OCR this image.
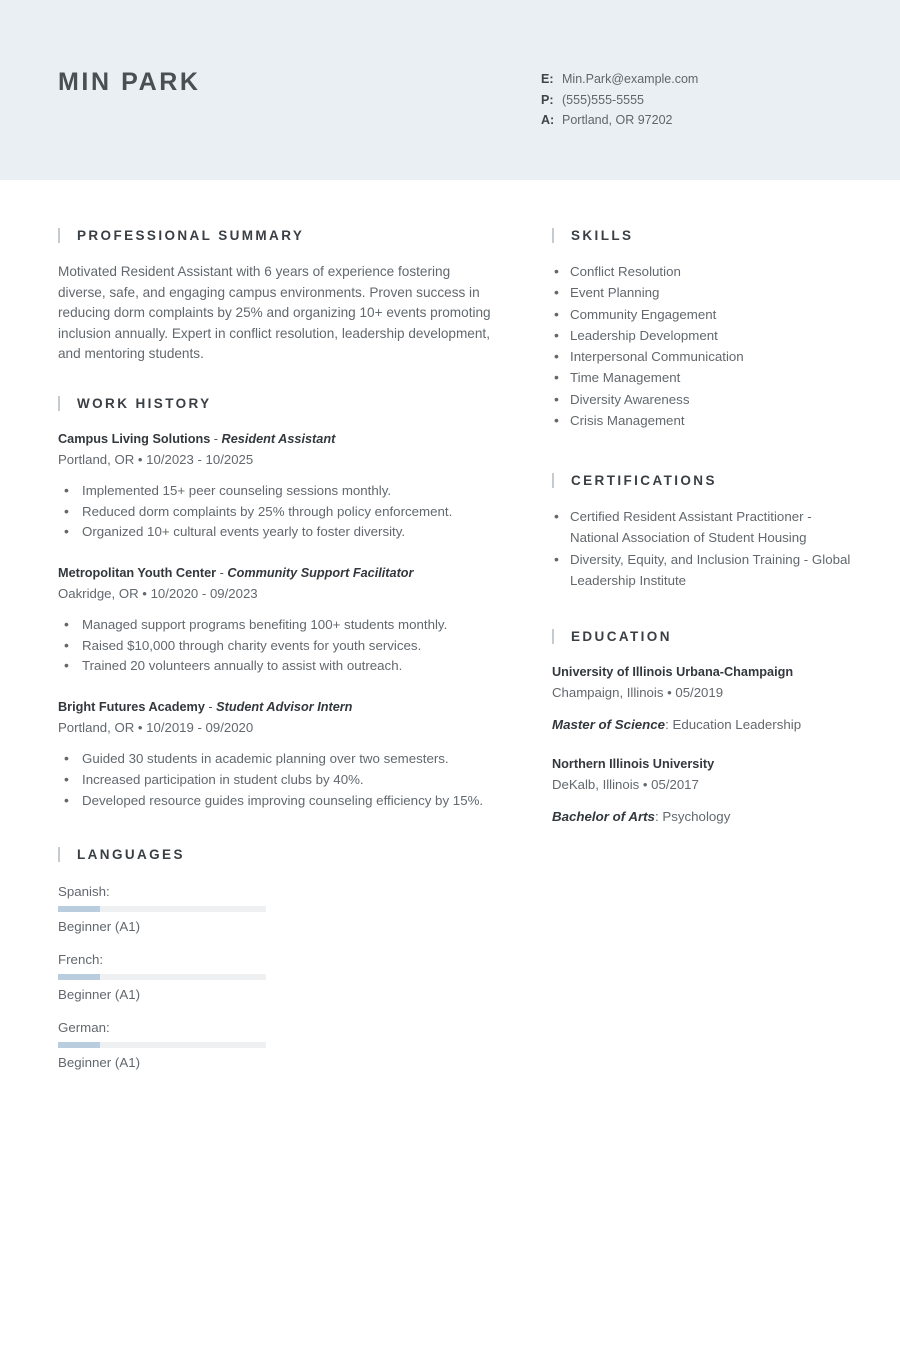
MIN PARK	E: Min.Park@example.com
P: (555)555-5555
A: Portland, OR 97202
PROFESSIONAL SUMMARY
Motivated Resident Assistant with 6 years of experience fostering diverse, safe, and engaging campus environments. Proven success in reducing dorm complaints by 25% and organizing 10+ events promoting inclusion annually. Expert in conflict resolution, leadership development, and mentoring students.
WORK HISTORY
Campus Living Solutions - Resident Assistant
Portland, OR • 10/2023 - 10/2025
• Implemented 15+ peer counseling sessions monthly.
• Reduced dorm complaints by 25% through policy enforcement.
• Organized 10+ cultural events yearly to foster diversity.
Metropolitan Youth Center - Community Support Facilitator
Oakridge, OR • 10/2020 - 09/2023
• Managed support programs benefiting 100+ students monthly.
• Raised $10,000 through charity events for youth services.
• Trained 20 volunteers annually to assist with outreach.
Bright Futures Academy - Student Advisor Intern
Portland, OR • 10/2019 - 09/2020
• Guided 30 students in academic planning over two semesters.
• Increased participation in student clubs by 40%.
• Developed resource guides improving counseling efficiency by 15%.
LANGUAGES
Spanish:
Beginner (A1)
French:
Beginner (A1)
German:
Beginner (A1)
SKILLS
• Conflict Resolution
• Event Planning
• Community Engagement
• Leadership Development
• Interpersonal Communication
• Time Management
• Diversity Awareness
• Crisis Management
CERTIFICATIONS
• Certified Resident Assistant Practitioner - National Association of Student Housing
• Diversity, Equity, and Inclusion Training - Global Leadership Institute
EDUCATION
University of Illinois Urbana-Champaign
Champaign, Illinois • 05/2019
Master of Science: Education Leadership
Northern Illinois University
DeKalb, Illinois • 05/2017
Bachelor of Arts: Psychology
